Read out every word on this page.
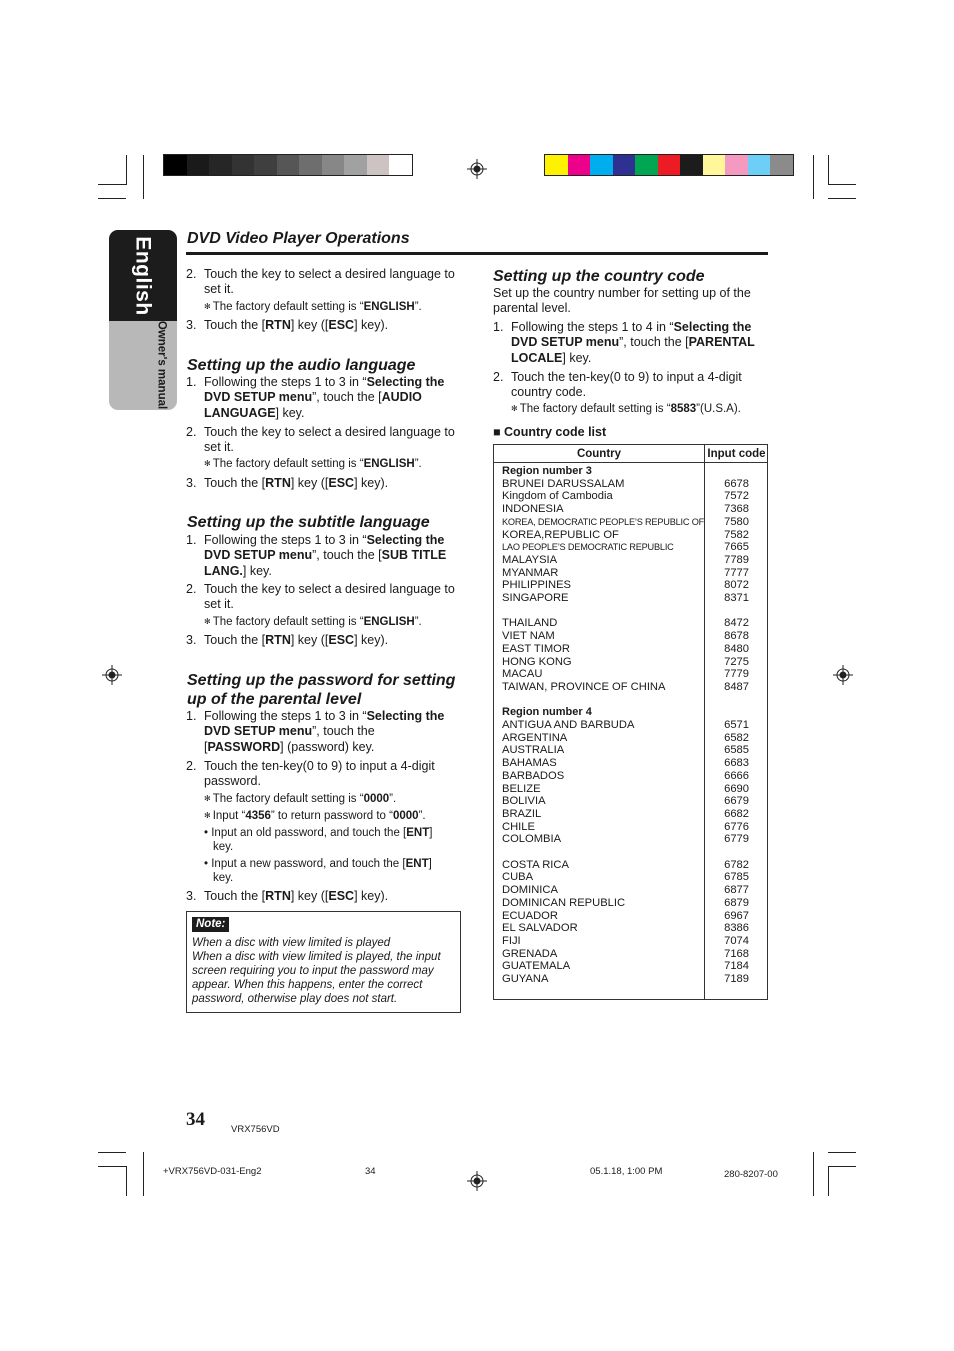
English
Owner's manual
DVD Video Player Operations
2. Touch the key to select a desired language to set it.
✻ The factory default setting is “ENGLISH”.
3. Touch the [RTN] key ([ESC] key).
Setting up the audio language
1. Following the steps 1 to 3 in “Selecting the
DVD SETUP menu”, touch the [AUDIO
LANGUAGE] key.
2. Touch the key to select a desired language to set it.
✻ The factory default setting is “ENGLISH”.
3. Touch the [RTN] key ([ESC] key).
Setting up the subtitle language
1. Following the steps 1 to 3 in “Selecting the
DVD SETUP menu”, touch the [SUB TITLE
LANG.] key.
2. Touch the key to select a desired language to set it.
✻ The factory default setting is “ENGLISH”.
3. Touch the [RTN] key ([ESC] key).
Setting up the password for setting
up of the parental level
1. Following the steps 1 to 3 in “Selecting the
DVD SETUP menu”, touch the
[PASSWORD] (password) key.
2. Touch the ten-key(0 to 9) to input a 4-digit
password.
✻ The factory default setting is “0000”.
✻ Input “4356” to return password to “0000”.
• Input an old password, and touch the [ENT]
key.
• Input a new password, and touch the [ENT]
key.
3. Touch the [RTN] key ([ESC] key).
Note:
When a disc with view limited is played
When a disc with view limited is played, the input screen requiring you to input the password may appear. When this happens, enter the correct password, otherwise play does not start.
Setting up the country code
Set up the country number for setting up of the parental level.
1. Following the steps 1 to 4 in “Selecting the
DVD SETUP menu”, touch the [PARENTAL
LOCALE] key.
2. Touch the ten-key(0 to 9) to input a 4-digit
country code.
✻ The factory default setting is “8583”(U.S.A).
■ Country code list
Country	Input code
Region number 3
BRUNEI DARUSSALAM	6678
Kingdom of Cambodia	7572
INDONESIA	7368
KOREA, DEMOCRATIC PEOPLE’S REPUBLIC OF 7580
KOREA,REPUBLIC OF	7582
LAO PEOPLE’S DEMOCRATIC REPUBLIC	7665
MALAYSIA	7789
MYANMAR	7777
PHILIPPINES	8072
SINGAPORE	8371
THAILAND	8472
VIET NAM	8678
EAST TIMOR	8480
HONG KONG	7275
MACAU	7779
TAIWAN, PROVINCE OF CHINA	8487
Region number 4
ANTIGUA AND BARBUDA	6571
ARGENTINA	6582
AUSTRALIA	6585
BAHAMAS	6683
BARBADOS	6666
BELIZE	6690
BOLIVIA	6679
BRAZIL	6682
CHILE	6776
COLOMBIA	6779
COSTA RICA	6782
CUBA	6785
DOMINICA	6877
DOMINICAN REPUBLIC	6879
ECUADOR	6967
EL SALVADOR	8386
FIJI	7074
GRENADA	7168
GUATEMALA	7184
GUYANA	7189
34	VRX756VD
+VRX756VD-031-Eng2	34	05.1.18, 1:00 PM	280-8207-00
